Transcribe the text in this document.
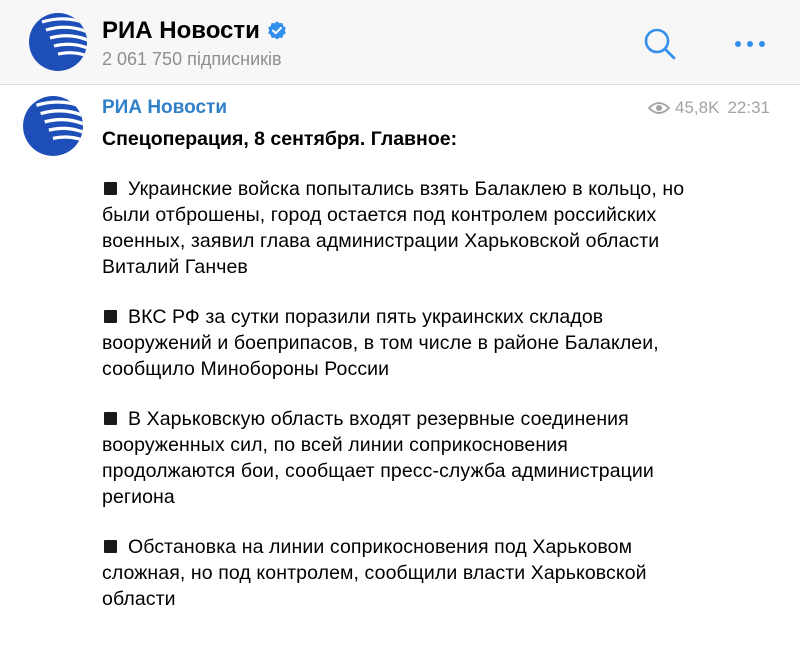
РИА Новости
2 061 750 підписників
РИА Новости	45,8K 22:31
Спецоперация, 8 сентября. Главное:
Украинские войска попытались взять Балаклею в кольцо, но были отброшены, город остается под контролем российских военных, заявил глава администрации Харьковской области Виталий Ганчев
ВКС РФ за сутки поразили пять украинских складов вооружений и боеприпасов, в том числе в районе Балаклеи, сообщило Минобороны России
В Харьковскую область входят резервные соединения вооруженных сил, по всей линии соприкосновения продолжаются бои, сообщает пресс-служба администрации региона
Обстановка на линии соприкосновения под Харьковом сложная, но под контролем, сообщили власти Харьковской области
